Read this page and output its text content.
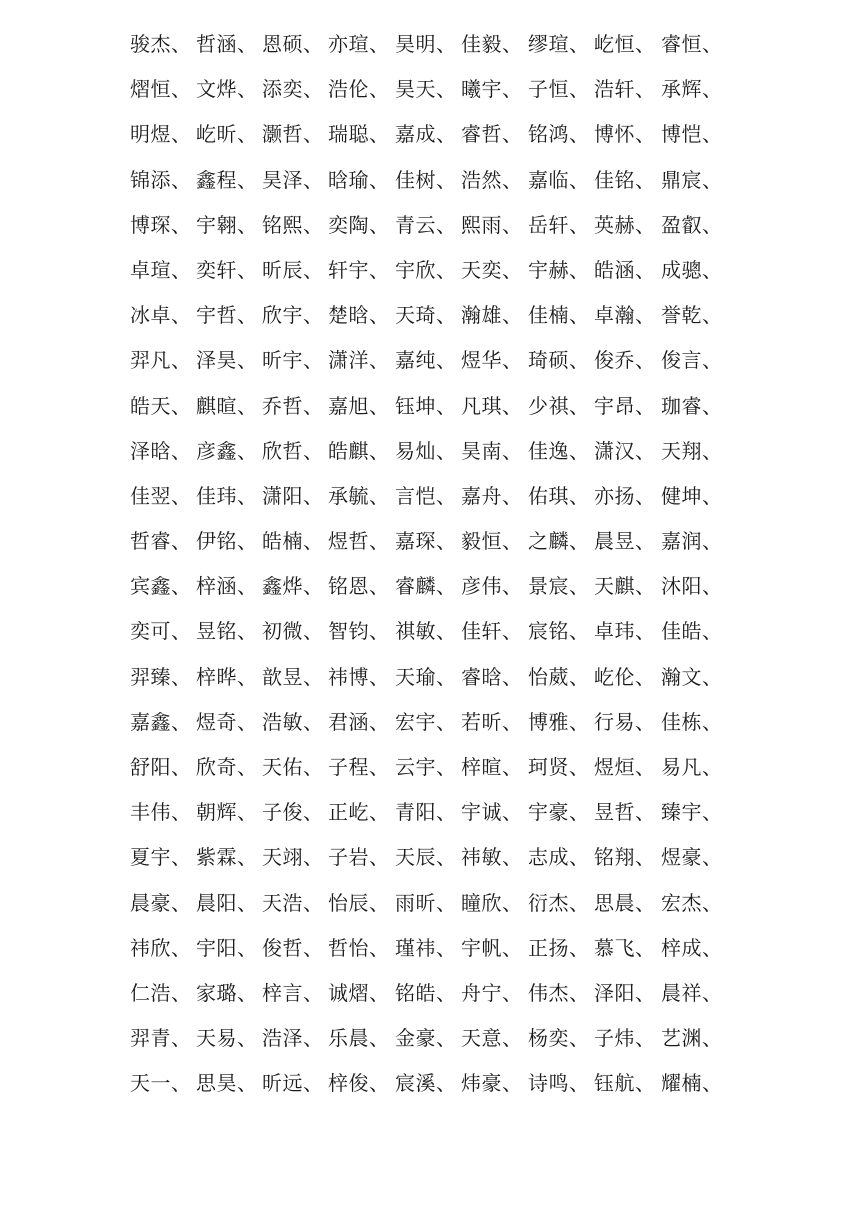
骏杰、 哲涵、 恩硕、 亦瑄、 昊明、 佳毅、 缪瑄、 屹恒、 睿恒、
熠恒、 文烨、 添奕、 浩伦、 昊天、 曦宇、 子恒、 浩轩、 承辉、
明煜、 屹昕、 灏哲、 瑞聪、 嘉成、 睿哲、 铭鸿、 博怀、 博恺、
锦添、 鑫程、 昊泽、 晗瑜、 佳树、 浩然、 嘉临、 佳铭、 鼎宸、
博琛、 宇翱、 铭熙、 奕陶、 青云、 熙雨、 岳轩、 英赫、 盈叡、
卓瑄、 奕轩、 昕辰、 轩宇、 宇欣、 天奕、 宇赫、 皓涵、 成骢、
冰卓、 宇哲、 欣宇、 楚晗、 天琦、 瀚雄、 佳楠、 卓瀚、 誉乾、
羿凡、 泽昊、 昕宇、 潇洋、 嘉纯、 煜华、 琦硕、 俊乔、 俊言、
皓天、 麒暄、 乔哲、 嘉旭、 钰坤、 凡琪、 少祺、 宇昂、 珈睿、
泽晗、 彦鑫、 欣哲、 皓麒、 易灿、 昊南、 佳逸、 潇汉、 天翔、
佳翌、 佳玮、 潇阳、 承毓、 言恺、 嘉舟、 佑琪、 亦扬、 健坤、
哲睿、 伊铭、 皓楠、 煜哲、 嘉琛、 毅恒、 之麟、 晨昱、 嘉润、
宾鑫、 梓涵、 鑫烨、 铭恩、 睿麟、 彦伟、 景宸、 天麒、 沐阳、
奕可、 昱铭、 初微、 智钧、 祺敏、 佳轩、 宸铭、 卓玮、 佳皓、
羿臻、 梓晔、 歆昱、 祎博、 天瑜、 睿晗、 怡葳、 屹伦、 瀚文、
嘉鑫、 煜奇、 浩敏、 君涵、 宏宇、 若昕、 博雅、 行易、 佳栋、
舒阳、 欣奇、 天佑、 子程、 云宇、 梓暄、 珂贤、 煜烜、 易凡、
丰伟、 朝辉、 子俊、 正屹、 青阳、 宇诚、 宇豪、 昱哲、 臻宇、
夏宇、 紫霖、 天翊、 子岩、 天辰、 祎敏、 志成、 铭翔、 煜豪、
晨豪、 晨阳、 天浩、 怡辰、 雨昕、 瞳欣、 衍杰、 思晨、 宏杰、
祎欣、 宇阳、 俊哲、 哲怡、 瑾祎、 宇帆、 正扬、 慕飞、 梓成、
仁浩、 家璐、 梓言、 诚熠、 铭皓、 舟宁、 伟杰、 泽阳、 晨祥、
羿青、 天易、 浩泽、 乐晨、 金豪、 天意、 杨奕、 子炜、 艺渊、
天一、 思昊、 昕远、 梓俊、 宸溪、 炜豪、 诗鸣、 钰航、 耀楠、
